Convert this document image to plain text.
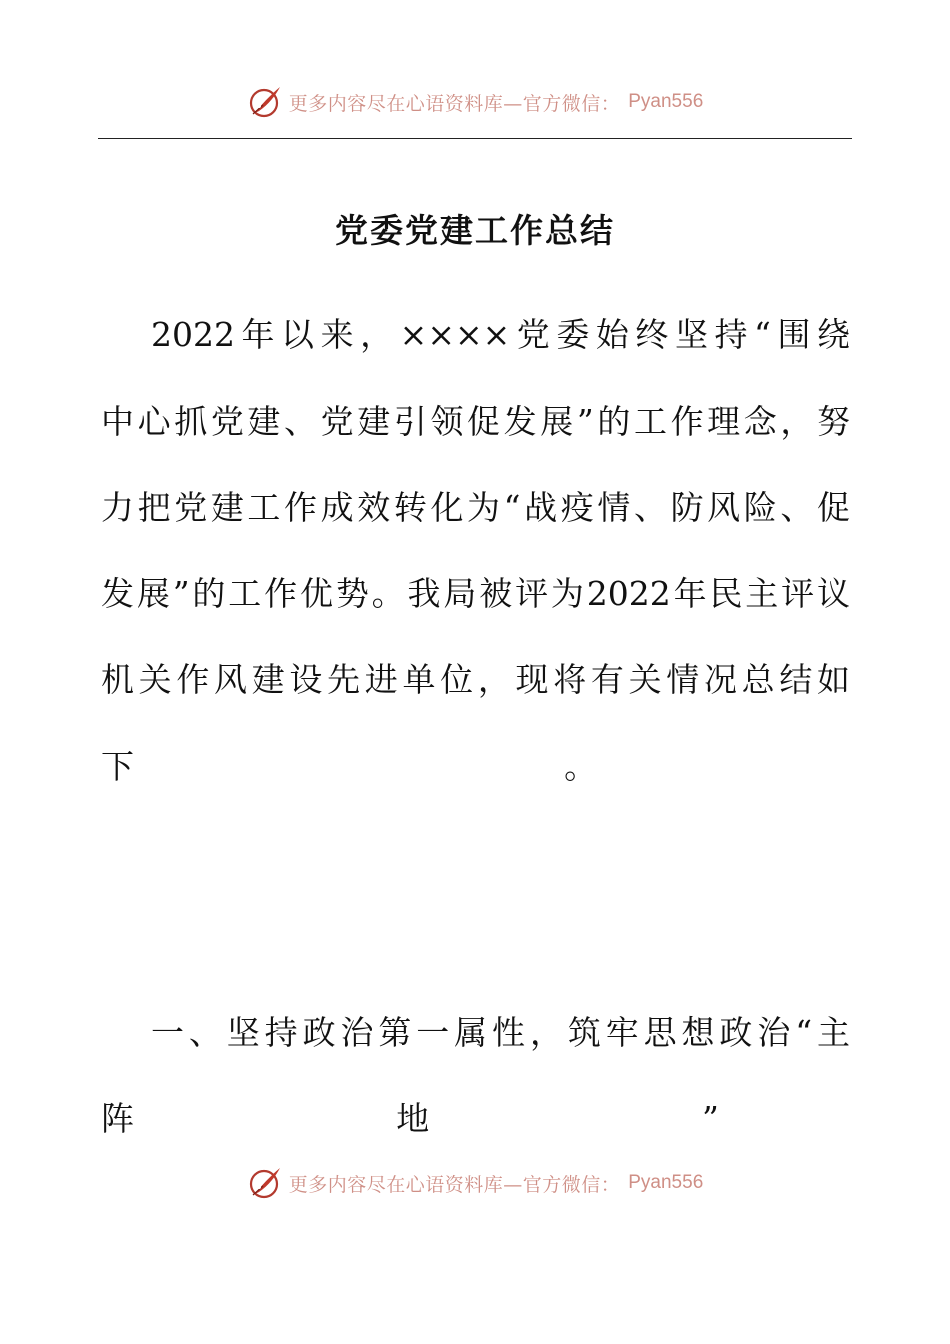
更多内容尽在心语资料库—官方微信： Pyan556
党委党建工作总结

2022年以来，××××党委始终坚持“围绕

中心抓党建、党建引领促发展”的工作理念，努

力把党建工作成效转化为“战疫情、防风险、促

发展”的工作优势。我局被评为2022年民主评议

机关作风建设先进单位，现将有关情况总结如

下                                         。

一、坚持政治第一属性，筑牢思想政治“主

阵                         地                          ”

更多内容尽在心语资料库—官方微信： Pyan556
